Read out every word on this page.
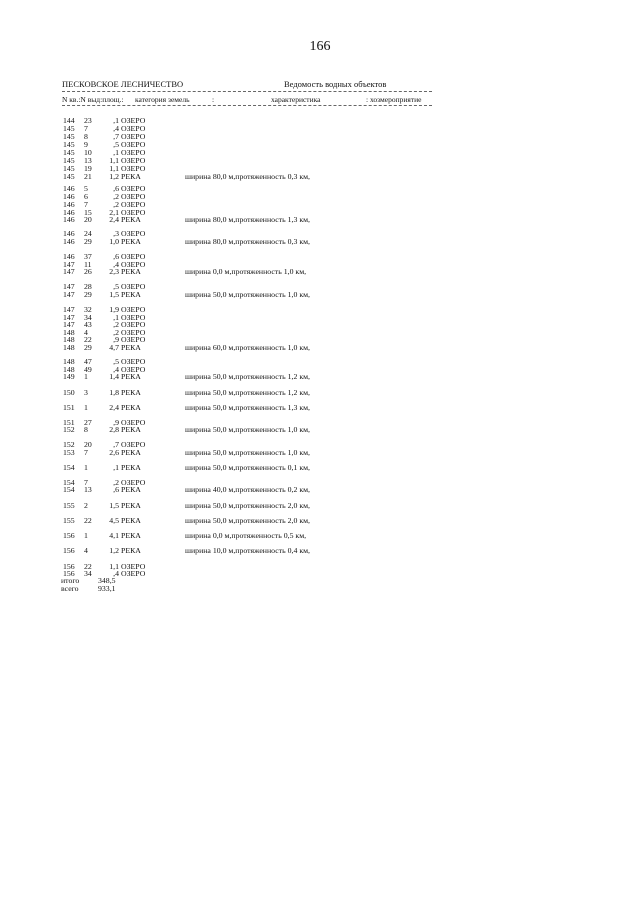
166
ПЕСКОВСКОЕ ЛЕСНИЧЕСТВО	Ведомость водных объектов
N кв.:N выд:площ.: категория земель	:	характеристика	: хозмероприятие
144 23	,1 ОЗЕРО
145 7	,4 ОЗЕРО
145 8	,7 ОЗЕРО
145 9	,5 ОЗЕРО
145 10	,1 ОЗЕРО
145 13	1,1 ОЗЕРО
145 19	1,1 ОЗЕРО
145 21	1,2 РЕКА	ширина 80,0 м,протяженность 0,3 км,
146 5	,6 ОЗЕРО
146 6	,2 ОЗЕРО
146 7	,2 ОЗЕРО
146 15	2,1 ОЗЕРО
146 20	2,4 РЕКА	ширина 80,0 м,протяженность 1,3 км,
146 24	,3 ОЗЕРО
146 29	1,0 РЕКА	ширина 80,0 м,протяженность 0,3 км,
146 37	,6 ОЗЕРО
147 11	,4 ОЗЕРО
147 26	2,3 РЕКА	ширина 0,0 м,протяженность 1,0 км,
147 28	,5 ОЗЕРО
147 29	1,5 РЕКА	ширина 50,0 м,протяженность 1,0 км,
147 32	1,9 ОЗЕРО
147 34	,1 ОЗЕРО
147 43	,2 ОЗЕРО
148 4	,2 ОЗЕРО
148 22	,9 ОЗЕРО
148 29	4,7 РЕКА	ширина 60,0 м,протяженность 1,0 км,
148 47	,5 ОЗЕРО
148 49	,4 ОЗЕРО
149 1	1,4 РЕКА	ширина 50,0 м,протяженность 1,2 км,
150 3	1,8 РЕКА	ширина 50,0 м,протяженность 1,2 км,
151 1	2,4 РЕКА	ширина 50,0 м,протяженность 1,3 км,
151 27	,9 ОЗЕРО
152 8	2,8 РЕКА	ширина 50,0 м,протяженность 1,0 км,
152 20	,7 ОЗЕРО
153 7	2,6 РЕКА	ширина 50,0 м,протяженность 1,0 км,
154 1	,1 РЕКА	ширина 50,0 м,протяженность 0,1 км,
154 7	,2 ОЗЕРО
154 13	,6 РЕКА	ширина 40,0 м,протяженность 0,2 км,
155 2	1,5 РЕКА	ширина 50,0 м,протяженность 2,0 км,
155 22	4,5 РЕКА	ширина 50,0 м,протяженность 2,0 км,
156 1	4,1 РЕКА	ширина 0,0 м,протяженность 0,5 км,
156 4	1,2 РЕКА	ширина 10,0 м,протяженность 0,4 км,
156 22	1,1 ОЗЕРО
156 34	,4 ОЗЕРО
итого 348,5
всего 933,1
